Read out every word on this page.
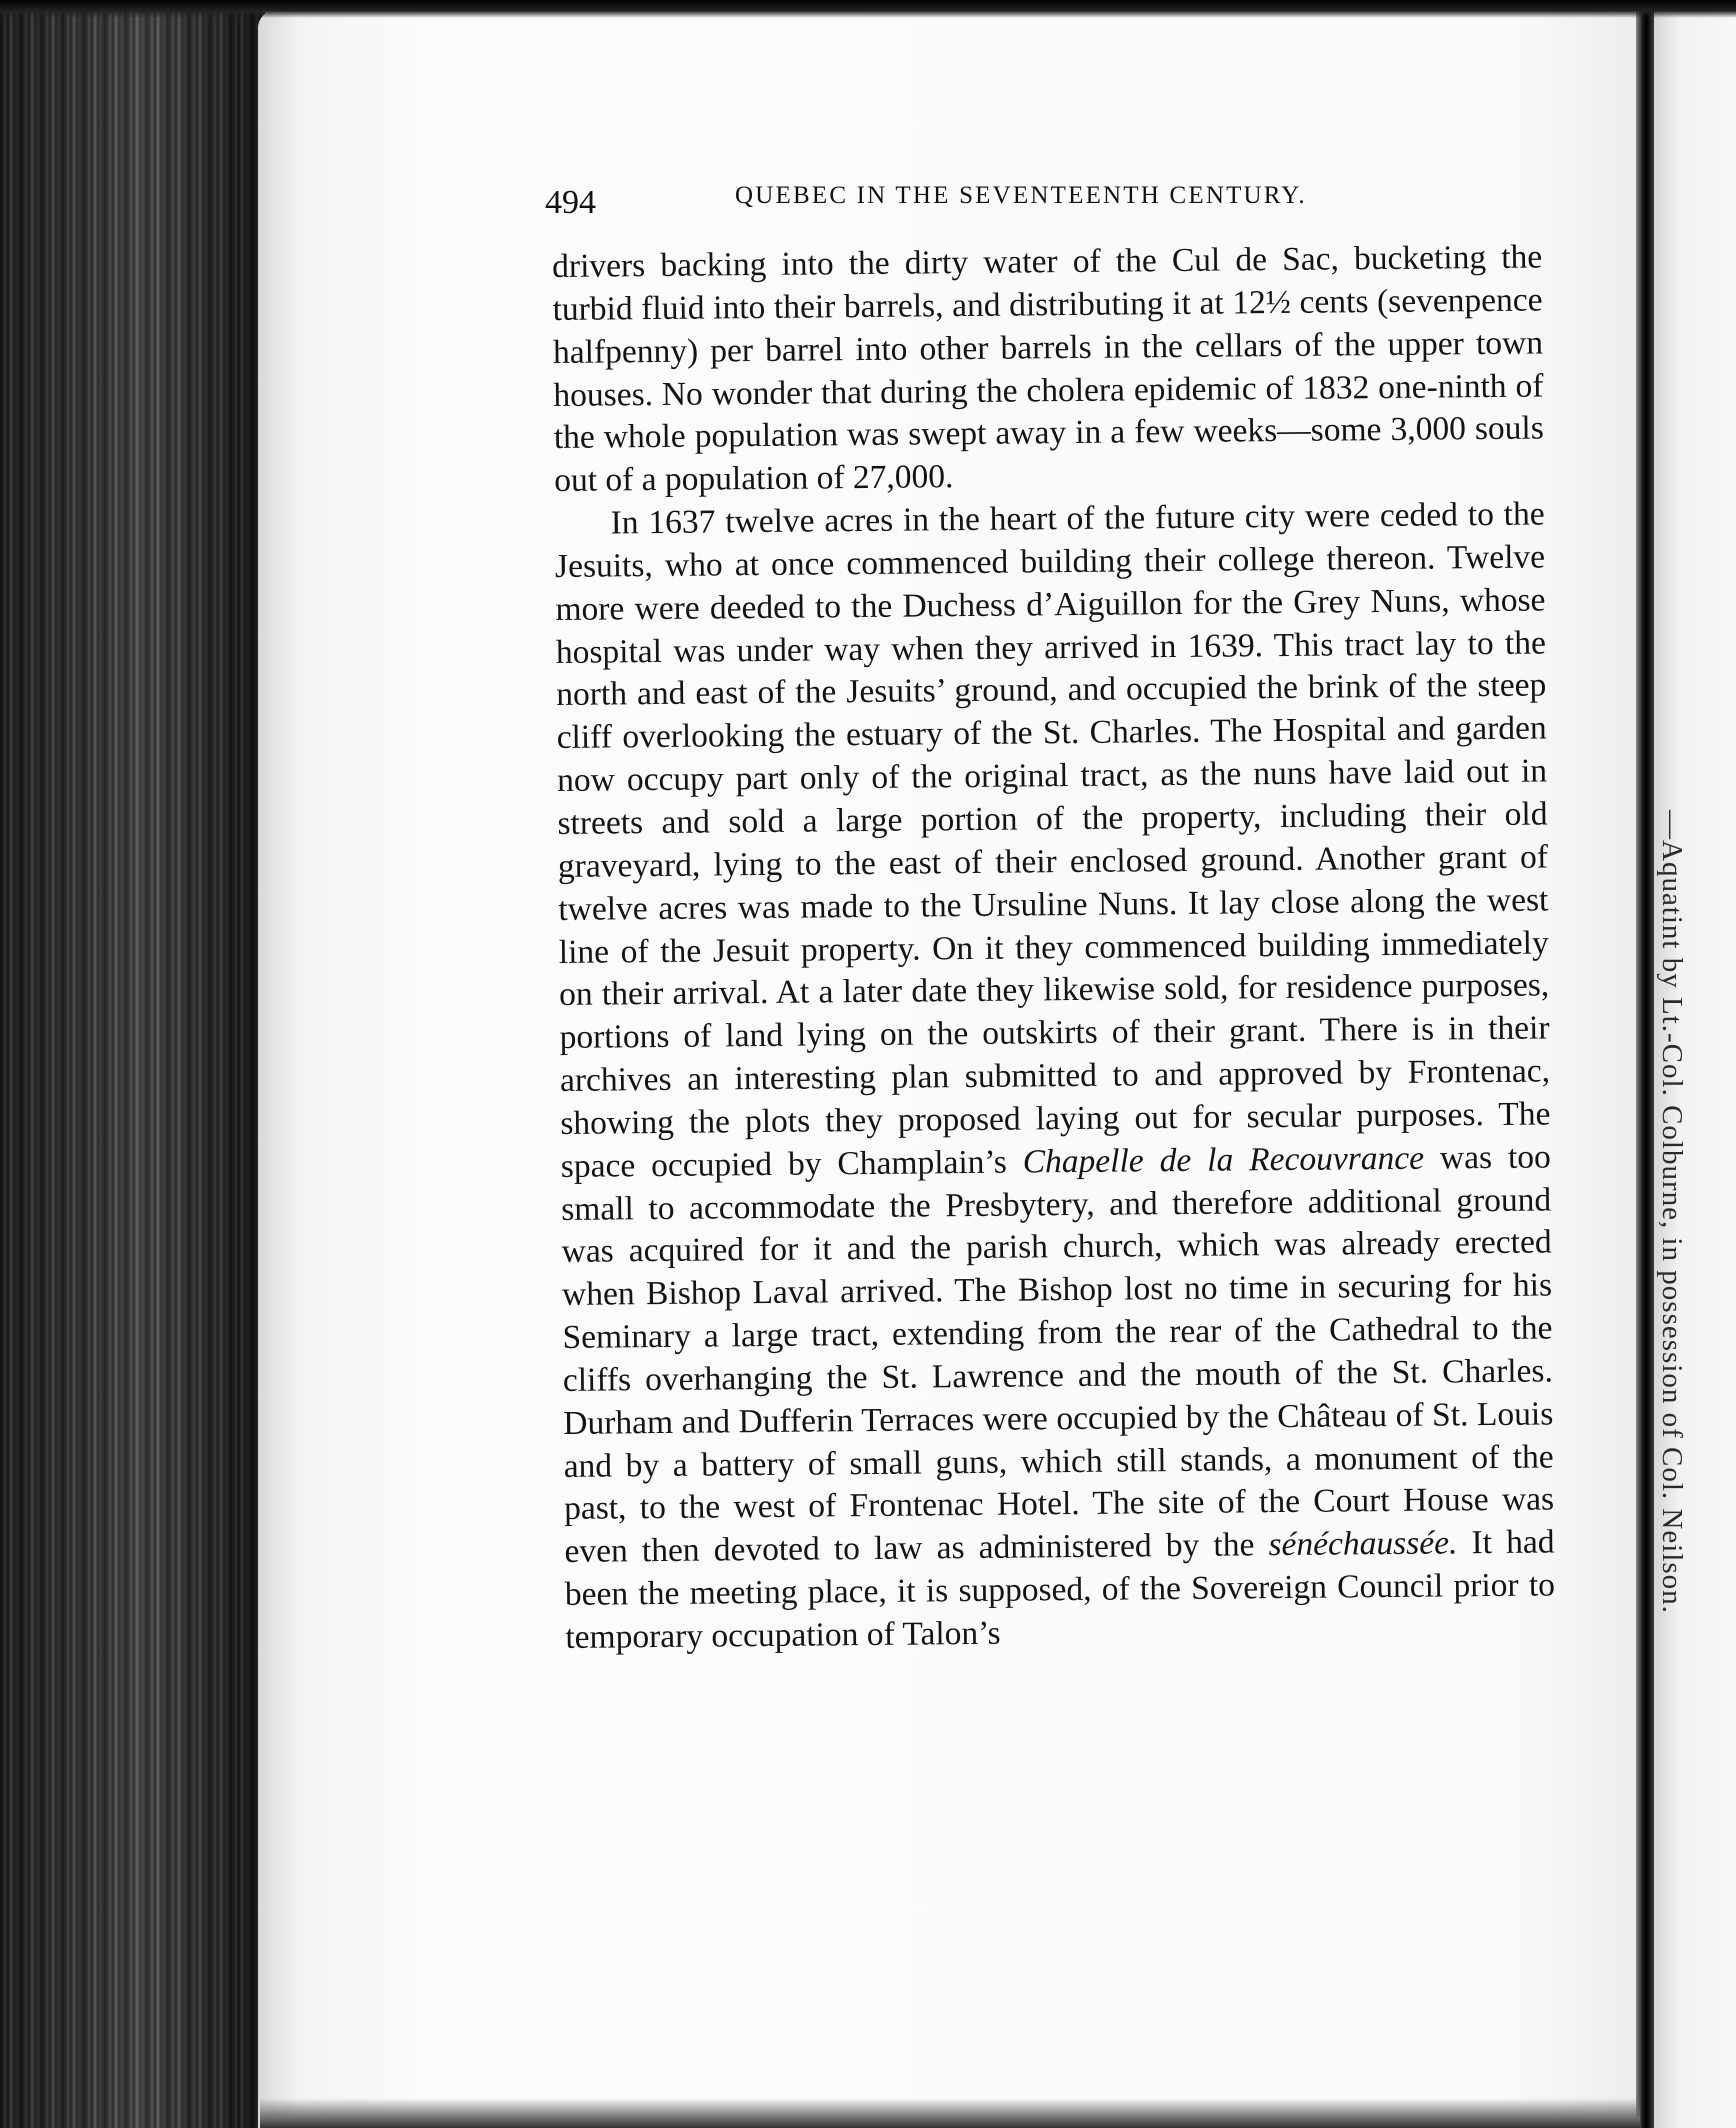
—Aquatint by Lt.-Col. Colburne, in possession of Col. Neilson.
494	QUEBEC IN THE SEVENTEENTH CENTURY.

drivers backing into the dirty water of the Cul de Sac, bucketing the turbid fluid into their barrels, and distributing it at 12½ cents (sevenpence halfpenny) per barrel into other barrels in the cellars of the upper town houses. No wonder that during the cholera epidemic of 1832 one-ninth of the whole population was swept away in a few weeks—some 3,000 souls out of a population of 27,000.

In 1637 twelve acres in the heart of the future city were ceded to the Jesuits, who at once commenced building their college thereon. Twelve more were deeded to the Duchess d’Aiguillon for the Grey Nuns, whose hospital was under way when they arrived in 1639. This tract lay to the north and east of the Jesuits’ ground, and occupied the brink of the steep cliff overlooking the estuary of the St. Charles. The Hospital and garden now occupy part only of the original tract, as the nuns have laid out in streets and sold a large portion of the property, including their old graveyard, lying to the east of their enclosed ground. Another grant of twelve acres was made to the Ursuline Nuns. It lay close along the west line of the Jesuit property. On it they commenced building immediately on their arrival. At a later date they likewise sold, for residence purposes, portions of land lying on the outskirts of their grant. There is in their archives an interesting plan submitted to and approved by Frontenac, showing the plots they proposed laying out for secular purposes. The space occupied by Champlain’s Chapelle de la Recouvrance was too small to accommodate the Presbytery, and therefore additional ground was acquired for it and the parish church, which was already erected when Bishop Laval arrived. The Bishop lost no time in securing for his Seminary a large tract, extending from the rear of the Cathedral to the cliffs overhanging the St. Lawrence and the mouth of the St. Charles. Durham and Dufferin Terraces were occupied by the Château of St. Louis and by a battery of small guns, which still stands, a monument of the past, to the west of Frontenac Hotel. The site of the Court House was even then devoted to law as administered by the sénéchaussée. It had been the meeting place, it is supposed, of the Sovereign Council prior to temporary occupation of Talon’s
